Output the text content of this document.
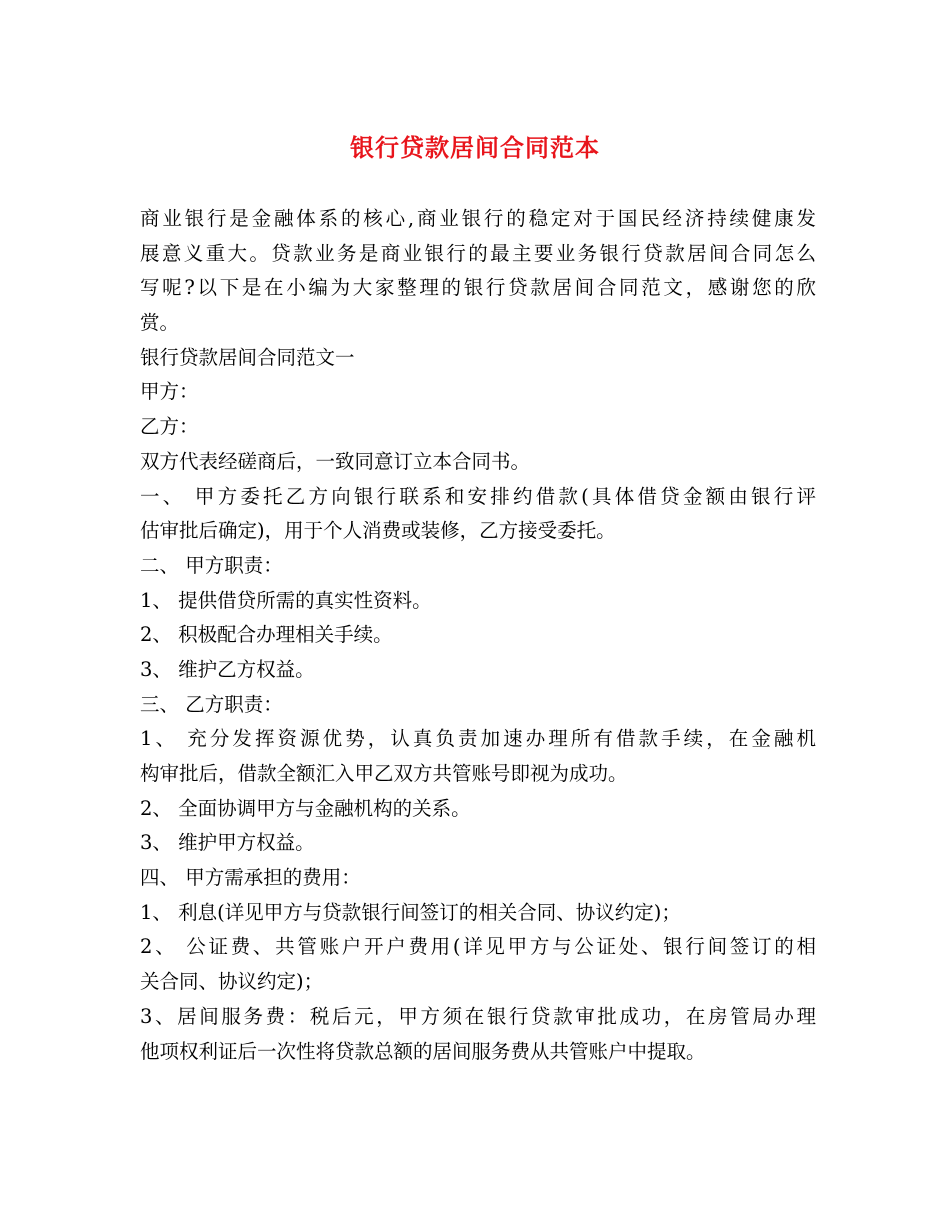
银行贷款居间合同范本
商业银行是金融体系的核心,商业银行的稳定对于国民经济持续健康发
展意义重大。贷款业务是商业银行的最主要业务银行贷款居间合同怎么
写呢?以下是在小编为大家整理的银行贷款居间合同范文，感谢您的欣
赏。
银行贷款居间合同范文一
甲方：
乙方：
双方代表经磋商后，一致同意订立本合同书。
一、 甲方委托乙方向银行联系和安排约借款(具体借贷金额由银行评
估审批后确定)，用于个人消费或装修，乙方接受委托。
二、 甲方职责：
1、 提供借贷所需的真实性资料。
2、 积极配合办理相关手续。
3、 维护乙方权益。
三、 乙方职责：
1、 充分发挥资源优势，认真负责加速办理所有借款手续，在金融机
构审批后，借款全额汇入甲乙双方共管账号即视为成功。
2、 全面协调甲方与金融机构的关系。
3、 维护甲方权益。
四、 甲方需承担的费用：
1、 利息(详见甲方与贷款银行间签订的相关合同、协议约定)；
2、 公证费、共管账户开户费用(详见甲方与公证处、银行间签订的相
关合同、协议约定)；
3、居间服务费：税后元，甲方须在银行贷款审批成功，在房管局办理
他项权利证后一次性将贷款总额的居间服务费从共管账户中提取。
